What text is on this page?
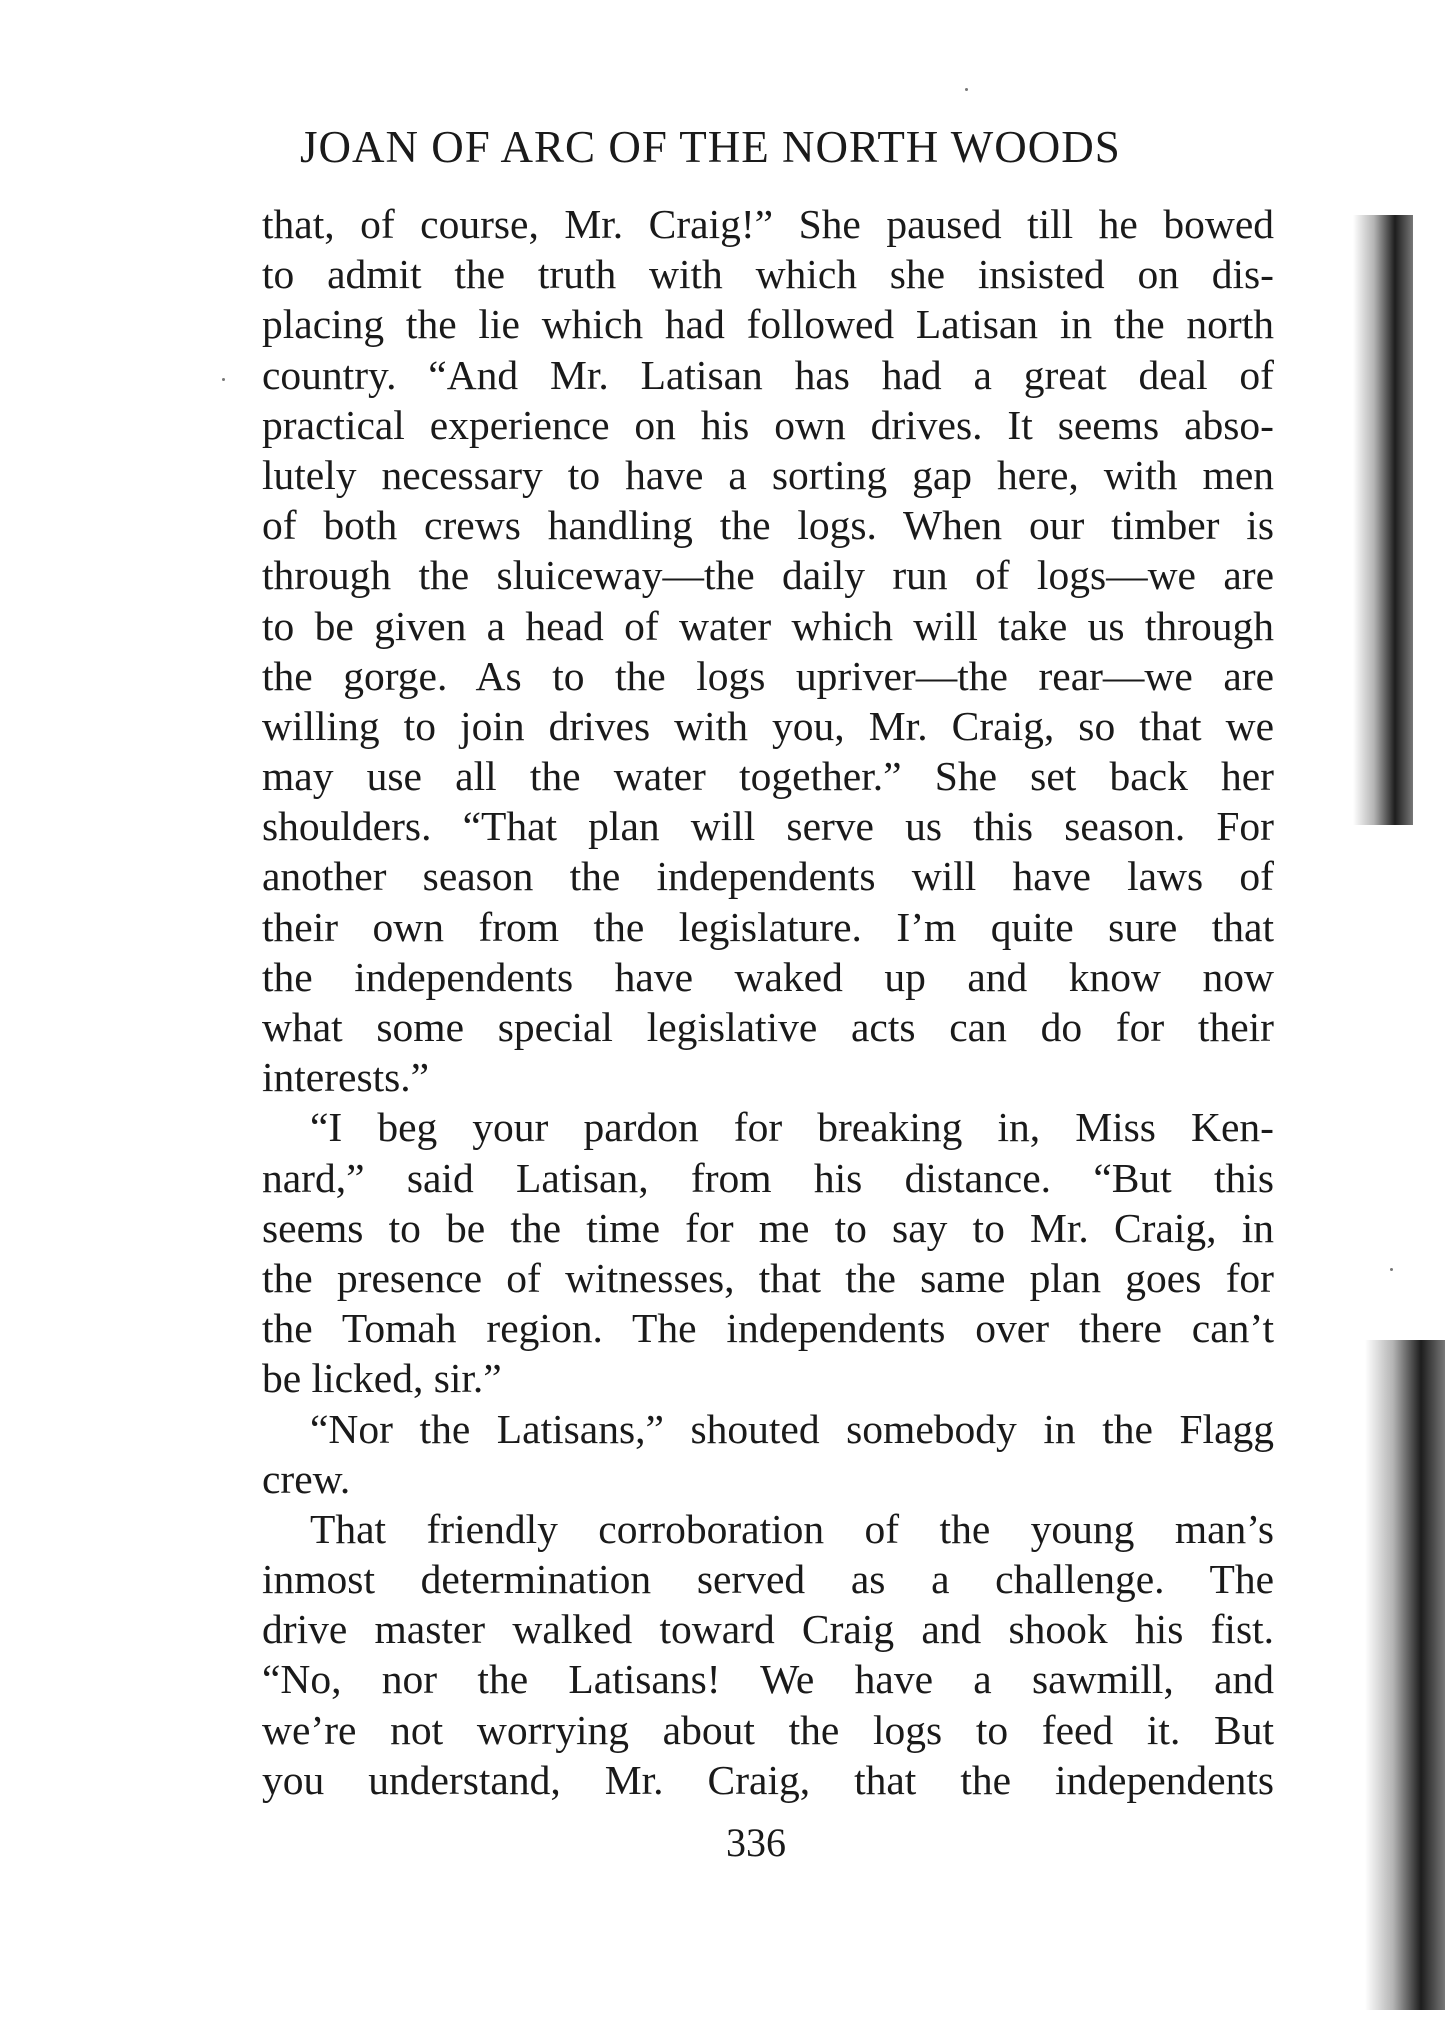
JOAN OF ARC OF THE NORTH WOODS
that, of course, Mr. Craig!” She paused till he bowed
to admit the truth with which she insisted on dis-
placing the lie which had followed Latisan in the north
country. “And Mr. Latisan has had a great deal of
practical experience on his own drives. It seems abso-
lutely necessary to have a sorting gap here, with men
of both crews handling the logs. When our timber is
through the sluiceway—the daily run of logs—we are
to be given a head of water which will take us through
the gorge. As to the logs upriver—the rear—we are
willing to join drives with you, Mr. Craig, so that we
may use all the water together.” She set back her
shoulders. “That plan will serve us this season. For
another season the independents will have laws of
their own from the legislature. I’m quite sure that
the independents have waked up and know now
what some special legislative acts can do for their
interests.”
“I beg your pardon for breaking in, Miss Ken-
nard,” said Latisan, from his distance. “But this
seems to be the time for me to say to Mr. Craig, in
the presence of witnesses, that the same plan goes for
the Tomah region. The independents over there can’t
be licked, sir.”
“Nor the Latisans,” shouted somebody in the Flagg
crew.
That friendly corroboration of the young man’s
inmost determination served as a challenge. The
drive master walked toward Craig and shook his fist.
“No, nor the Latisans! We have a sawmill, and
we’re not worrying about the logs to feed it. But
you understand, Mr. Craig, that the independents
336
